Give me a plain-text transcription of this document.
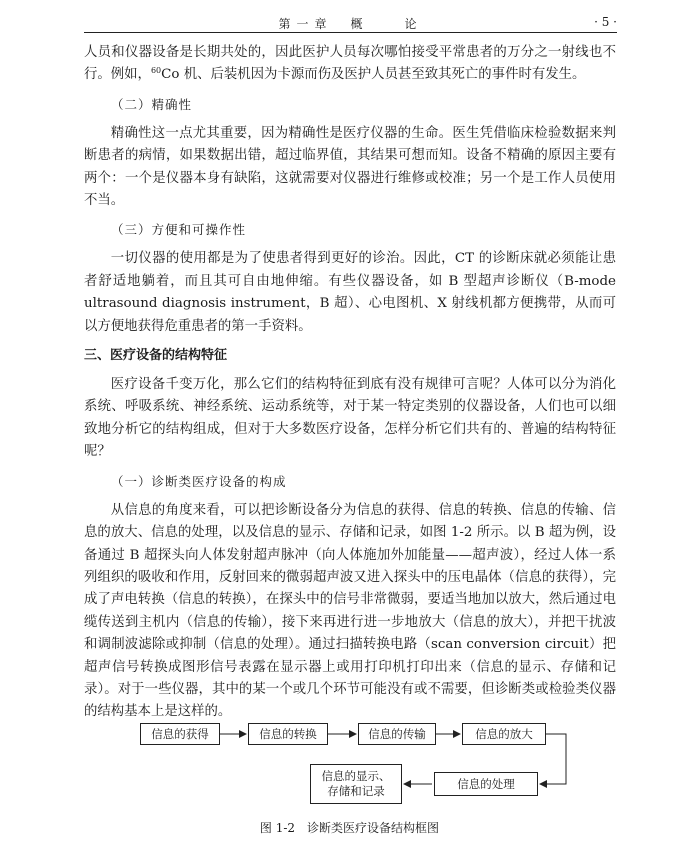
第一章　概　　论	· 5 ·

人员和仪器设备是长期共处的，因此医护人员每次哪怕接受平常患者的万分之一射线也不行。例如，$^{60}$Co 机、后装机因为卡源而伤及医护人员甚至致其死亡的事件时有发生。

（二）精确性

精确性这一点尤其重要，因为精确性是医疗仪器的生命。医生凭借临床检验数据来判断患者的病情，如果数据出错，超过临界值，其结果可想而知。设备不精确的原因主要有两个：一个是仪器本身有缺陷，这就需要对仪器进行维修或校准；另一个是工作人员使用不当。

（三）方便和可操作性

一切仪器的使用都是为了使患者得到更好的诊治。因此，CT 的诊断床就必须能让患者舒适地躺着，而且其可自由地伸缩。有些仪器设备，如 B 型超声诊断仪（B-mode ultrasound diagnosis instrument，B 超）、心电图机、X 射线机都方便携带，从而可以方便地获得危重患者的第一手资料。

三、医疗设备的结构特征

医疗设备千变万化，那么它们的结构特征到底有没有规律可言呢？人体可以分为消化系统、呼吸系统、神经系统、运动系统等，对于某一特定类别的仪器设备，人们也可以细致地分析它的结构组成，但对于大多数医疗设备，怎样分析它们共有的、普遍的结构特征呢？

（一）诊断类医疗设备的构成

从信息的角度来看，可以把诊断设备分为信息的获得、信息的转换、信息的传输、信息的放大、信息的处理，以及信息的显示、存储和记录，如图 1-2 所示。以 B 超为例，设备通过 B 超探头向人体发射超声脉冲（向人体施加外加能量——超声波），经过人体一系列组织的吸收和作用，反射回来的微弱超声波又进入探头中的压电晶体（信息的获得），完成了声电转换（信息的转换），在探头中的信号非常微弱，要适当地加以放大，然后通过电缆传送到主机内（信息的传输），接下来再进行进一步地放大（信息的放大），并把干扰波和调制波滤除或抑制（信息的处理）。通过扫描转换电路（scan conversion circuit）把超声信号转换成图形信号表露在显示器上或用打印机打印出来（信息的显示、存储和记录）。对于一些仪器，其中的某一个或几个环节可能没有或不需要，但诊断类或检验类仪器的结构基本上是这样的。

信息的获得	信息的转换	信息的传输	信息的放大
信息的处理
信息的显示、
存储和记录
图 1-2　诊断类医疗设备结构框图
